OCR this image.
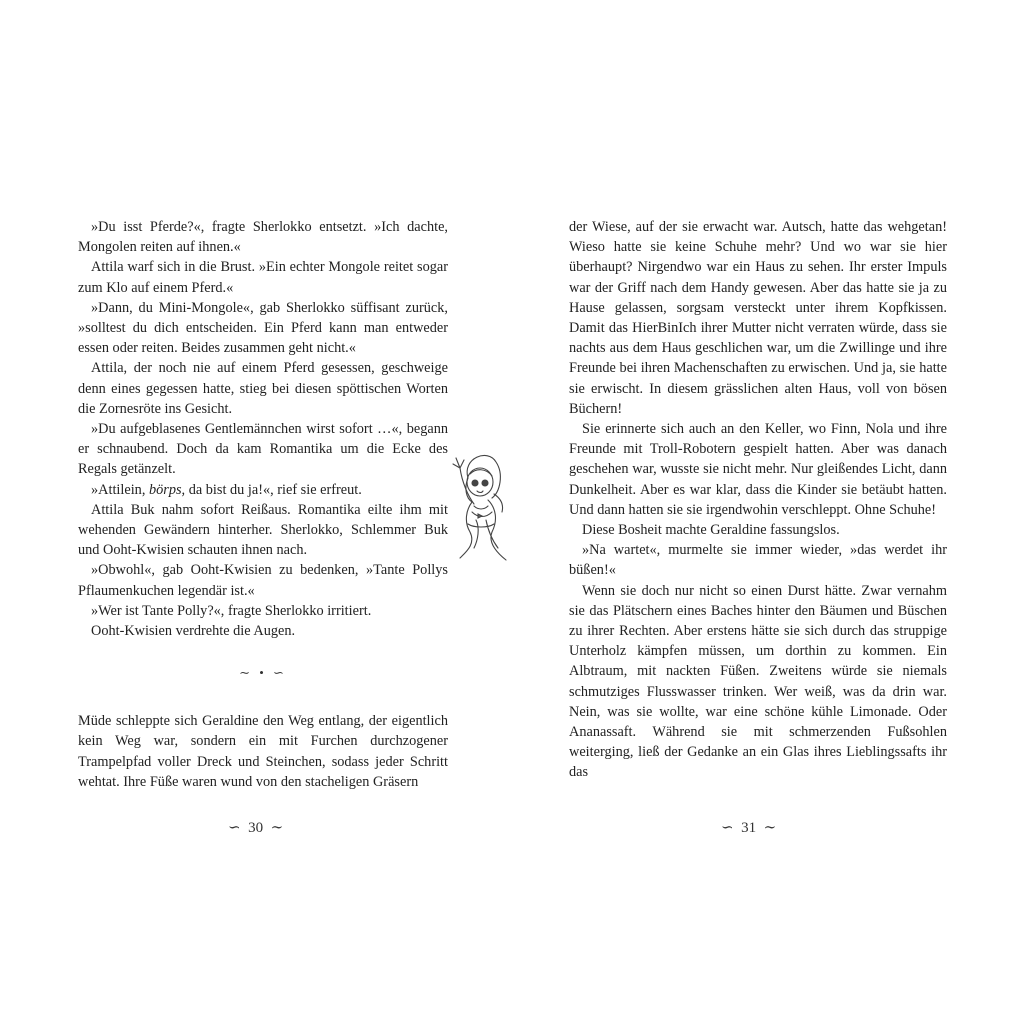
»Du isst Pferde?«, fragte Sherlokko entsetzt. »Ich dachte, Mongolen reiten auf ihnen.«

Attila warf sich in die Brust. »Ein echter Mongole reitet sogar zum Klo auf einem Pferd.«

»Dann, du Mini-Mongole«, gab Sherlokko süffisant zurück, »solltest du dich entscheiden. Ein Pferd kann man entweder essen oder reiten. Beides zusammen geht nicht.«

Attila, der noch nie auf einem Pferd gesessen, geschweige denn eines gegessen hatte, stieg bei diesen spöttischen Worten die Zornesröte ins Gesicht.

»Du aufgeblasenes Gentlemännchen wirst sofort …«, begann er schnaubend. Doch da kam Romantika um die Ecke des Regals getänzelt.

»Attilein, börps, da bist du ja!«, rief sie erfreut.

Attila Buk nahm sofort Reißaus. Romantika eilte ihm mit wehenden Gewändern hinterher. Sherlokko, Schlemmer Buk und Ooht-Kwisien schauten ihnen nach.

»Obwohl«, gab Ooht-Kwisien zu bedenken, »Tante Pollys Pflaumenkuchen legendär ist.«

»Wer ist Tante Polly?«, fragte Sherlokko irritiert.

Ooht-Kwisien verdrehte die Augen.

∼ • ∽

Müde schleppte sich Geraldine den Weg entlang, der eigentlich kein Weg war, sondern ein mit Furchen durchzogener Trampelpfad voller Dreck und Steinchen, sodass jeder Schritt wehtat. Ihre Füße waren wund von den stacheligen Gräsern

der Wiese, auf der sie erwacht war. Autsch, hatte das wehgetan! Wieso hatte sie keine Schuhe mehr? Und wo war sie hier überhaupt? Nirgendwo war ein Haus zu sehen. Ihr erster Impuls war der Griff nach dem Handy gewesen. Aber das hatte sie ja zu Hause gelassen, sorgsam versteckt unter ihrem Kopfkissen. Damit das HierBinIch ihrer Mutter nicht verraten würde, dass sie nachts aus dem Haus geschlichen war, um die Zwillinge und ihre Freunde bei ihren Machenschaften zu erwischen. Und ja, sie hatte sie erwischt. In diesem grässlichen alten Haus, voll von bösen Büchern!

Sie erinnerte sich auch an den Keller, wo Finn, Nola und ihre Freunde mit Troll-Robotern gespielt hatten. Aber was danach geschehen war, wusste sie nicht mehr. Nur gleißendes Licht, dann Dunkelheit. Aber es war klar, dass die Kinder sie betäubt hatten. Und dann hatten sie sie irgendwohin verschleppt. Ohne Schuhe!

Diese Bosheit machte Geraldine fassungslos.

»Na wartet«, murmelte sie immer wieder, »das werdet ihr büßen!«

Wenn sie doch nur nicht so einen Durst hätte. Zwar vernahm sie das Plätschern eines Baches hinter den Bäumen und Büschen zu ihrer Rechten. Aber erstens hätte sie sich durch das struppige Unterholz kämpfen müssen, um dorthin zu kommen. Ein Albtraum, mit nackten Füßen. Zweitens würde sie niemals schmutziges Flusswasser trinken. Wer weiß, was da drin war. Nein, was sie wollte, war eine schöne kühle Limonade. Oder Ananassaft. Während sie mit schmerzenden Fußsohlen weiterging, ließ der Gedanke an ein Glas ihres Lieblingssafts ihr das

∽  30  ∼	∽  31  ∼
